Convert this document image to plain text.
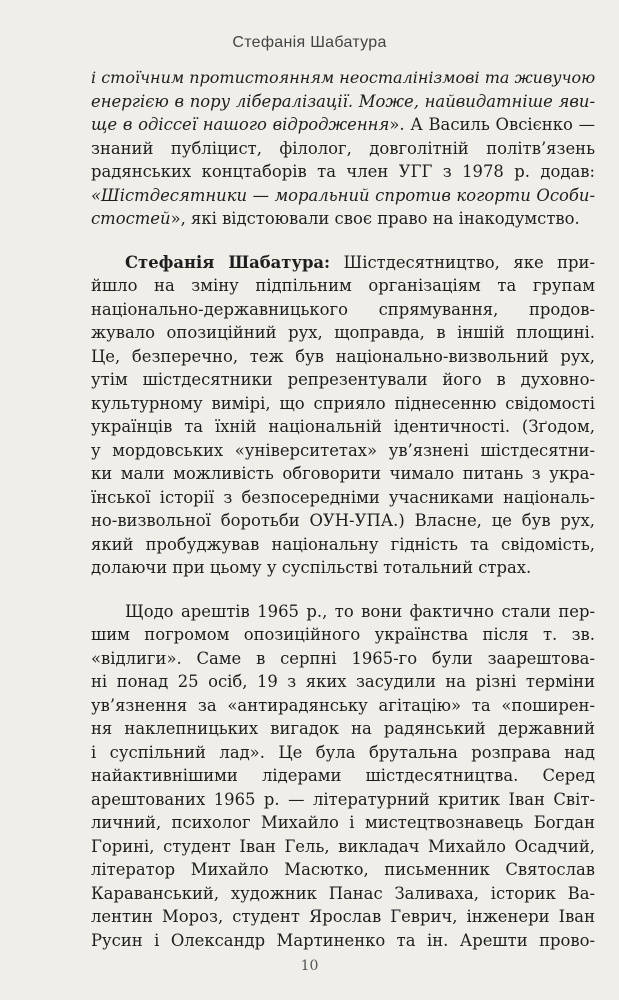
Стефанія Шабатура
і стоїчним протистоянням неосталінізмові та живучою
енергією в пору лібералізації. Може, найвидатніше яви-
ще в одіссеї нашого відродження». А Василь Овсієнко —
знаний публіцист, філолог, довголітній політв’язень
радянських концтаборів та член УГГ з 1978 р. додав:
«Шістдесятники — моральний спротив когорти Особи-
стостей», які відстоювали своє право на інакодумство.
Стефанія Шабатура: Шістдесятництво, яке при-
йшло на зміну підпільним організаціям та групам
національно-державницького спрямування, продов-
жувало опозиційний рух, щоправда, в іншій площині.
Це, безперечно, теж був національно-визвольний рух,
утім шістдесятники репрезентували його в духовно-
культурному вимірі, що сприяло піднесенню свідомості
українців та їхній національній ідентичності. (Зґодом,
у мордовських «університетах» ув’язнені шістдесятни-
ки мали можливість обговорити чимало питань з укра-
їнської історії з безпосередніми учасниками національ-
но-визвольної боротьби ОУН-УПА.) Власне, це був рух,
який пробуджував національну гідність та свідомість,
долаючи при цьому у суспільстві тотальний страх.
Щодо арештів 1965 р., то вони фактично стали пер-
шим погромом опозиційного українства після т. зв.
«відлиги». Саме в серпні 1965-го були заарештова-
ні понад 25 осіб, 19 з яких засудили на різні терміни
ув’язнення за «антирадянську агітацію» та «поширен-
ня наклепницьких вигадок на радянський державний
і суспільний лад». Це була брутальна розправа над
найактивнішими лідерами шістдесятництва. Серед
арештованих 1965 р. — літературний критик Іван Світ-
личний, психолог Михайло і мистецтвознавець Богдан
Горині, студент Іван Гель, викладач Михайло Осадчий,
літератор Михайло Масютко, письменник Святослав
Караванський, художник Панас Заливаха, історик Ва-
лентин Мороз, студент Ярослав Геврич, інженери Іван
Русин і Олександр Мартиненко та ін. Арешти прово-
10
